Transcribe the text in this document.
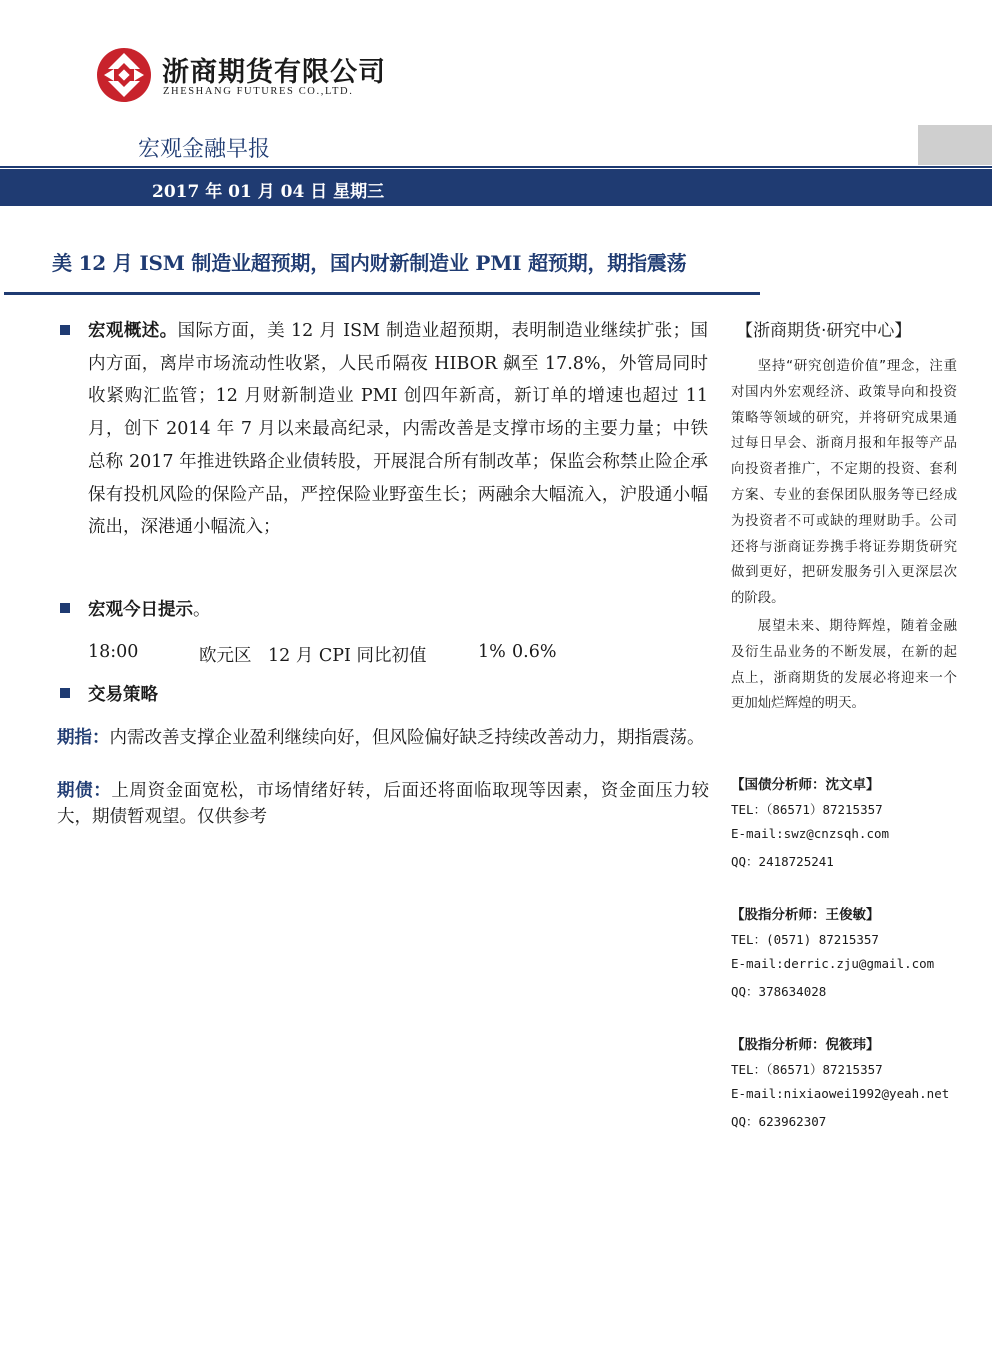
浙商期货有限公司
ZHESHANG FUTURES CO.,LTD.
宏观金融早报
2017 年 01 月 04 日 星期三
美 12 月 ISM 制造业超预期，国内财新制造业 PMI 超预期，期指震荡
宏观概述。国际方面，美 12 月 ISM 制造业超预期，表明制造业继续扩张；国内方面，离岸市场流动性收紧，人民币隔夜 HIBOR 飙至 17.8%，外管局同时收紧购汇监管；12 月财新制造业 PMI 创四年新高，新订单的增速也超过 11 月，创下 2014 年 7 月以来最高纪录，内需改善是支撑市场的主要力量；中铁总称 2017 年推进铁路企业债转股，开展混合所有制改革；保监会称禁止险企承保有投机风险的保险产品，严控保险业野蛮生长；两融余大幅流入，沪股通小幅流出，深港通小幅流入；
宏观今日提示。
18:00	欧元区 12 月 CPI 同比初值	1% 0.6%
交易策略
期指：内需改善支撑企业盈利继续向好，但风险偏好缺乏持续改善动力，期指震荡。
期债：上周资金面宽松，市场情绪好转，后面还将面临取现等因素，资金面压力较大，期债暂观望。仅供参考
【浙商期货·研究中心】
坚持“研究创造价值”理念，注重对国内外宏观经济、政策导向和投资策略等领域的研究，并将研究成果通过每日早会、浙商月报和年报等产品向投资者推广，不定期的投资、套利方案、专业的套保团队服务等已经成为投资者不可或缺的理财助手。公司还将与浙商证券携手将证券期货研究做到更好，把研发服务引入更深层次的阶段。
展望未来、期待辉煌，随着金融及衍生品业务的不断发展，在新的起点上，浙商期货的发展必将迎来一个更加灿烂辉煌的明天。
【国债分析师：沈文卓】
TEL：（86571）87215357
E-mail:swz@cnzsqh.com
QQ：2418725241
【股指分析师：王俊敏】
TEL：(0571) 87215357
E-mail:derric.zju@gmail.com
QQ：378634028
【股指分析师：倪筱玮】
TEL：（86571）87215357
E-mail:nixiaowei1992@yeah.net
QQ：623962307
